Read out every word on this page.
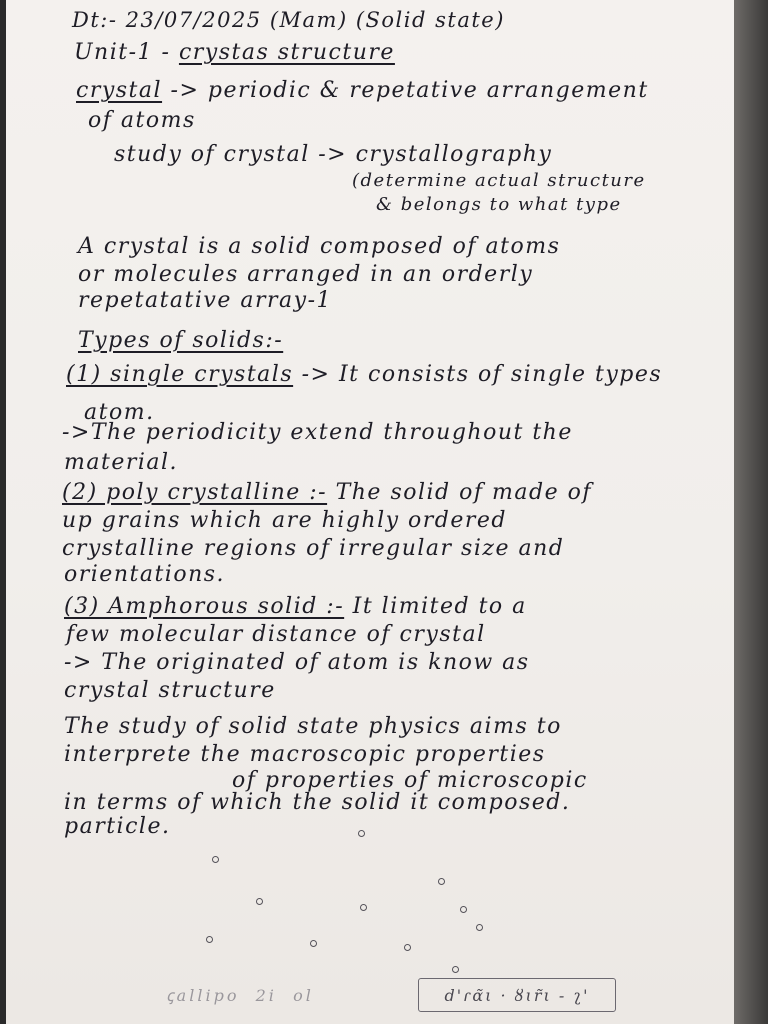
Dt:- 23/07/2025 (Mam) (Solid state)
Unit-1 - crystas structure
crystal -> periodic & repetative arrangement
of atoms
study of crystal -> crystallography
(determine actual structure
& belongs to what type
A crystal is a solid composed of atoms
or molecules arranged in an orderly
repetatative array-1
Types of solids:-
(1) single crystals -> It consists of single types
atom.
->The periodicity extend throughout the
material.
(2) poly crystalline :- The solid of made of
up grains which are highly ordered
crystalline regions of irregular size and
orientations.
(3) Amphorous solid :- It limited to a
few molecular distance of crystal
-> The originated of atom is know as
crystal structure
The study of solid state physics aims to
interprete the macroscopic properties
of properties of microscopic
in terms of which the solid it composed.
particle.
ꞔallipo  2i  ol	d'ɾα̃ι · ȣɩr̃ι - ʅ'
